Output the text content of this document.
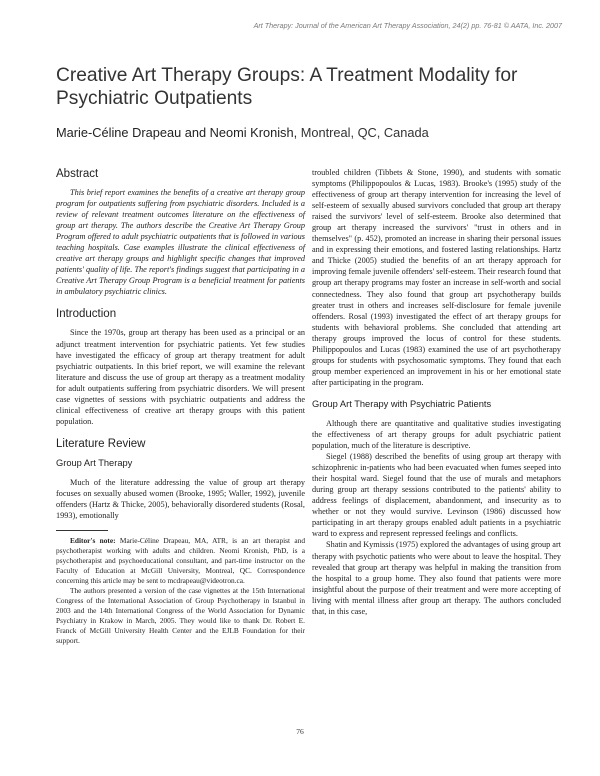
Art Therapy: Journal of the American Art Therapy Association, 24(2) pp. 76-81 © AATA, Inc. 2007
Creative Art Therapy Groups: A Treatment Modality for Psychiatric Outpatients
Marie-Céline Drapeau and Neomi Kronish, Montreal, QC, Canada
Abstract

This brief report examines the benefits of a creative art therapy group program for outpatients suffering from psychiatric disorders. Included is a review of relevant treatment outcomes literature on the effectiveness of group art therapy. The authors describe the Creative Art Therapy Group Program offered to adult psychiatric outpatients that is followed in various teaching hospitals. Case examples illustrate the clinical effectiveness of creative art therapy groups and highlight specific changes that improved patients' quality of life. The report's findings suggest that participating in a Creative Art Therapy Group Program is a beneficial treatment for patients in ambulatory psychiatric clinics.

Introduction

Since the 1970s, group art therapy has been used as a principal or an adjunct treatment intervention for psychiatric patients. Yet few studies have investigated the efficacy of group art therapy treatment for adult psychiatric outpatients. In this brief report, we will examine the relevant literature and discuss the use of group art therapy as a treatment modality for adult outpatients suffering from psychiatric disorders. We will present case vignettes of sessions with psychiatric outpatients and address the clinical effectiveness of creative art therapy groups with this patient population.

Literature Review
Group Art Therapy

Much of the literature addressing the value of group art therapy focuses on sexually abused women (Brooke, 1995; Waller, 1992), juvenile offenders (Hartz & Thicke, 2005), behaviorally disordered students (Rosal, 1993), emotionally

Editor's note: Marie-Céline Drapeau, MA, ATR, is an art therapist and psychotherapist working with adults and children. Neomi Kronish, PhD, is a psychotherapist and psychoeducational consultant, and part-time instructor on the Faculty of Education at McGill University, Montreal, QC. Correspondence concerning this article may be sent to mcdrapeau@videotron.ca.

The authors presented a version of the case vignettes at the 15th International Congress of the International Association of Group Psychotherapy in Istanbul in 2003 and the 14th International Congress of the World Association for Dynamic Psychiatry in Krakow in March, 2005. They would like to thank Dr. Robert E. Franck of McGill University Health Center and the EJLB Foundation for their support.

troubled children (Tibbets & Stone, 1990), and students with somatic symptoms (Philippopoulos & Lucas, 1983). Brooke's (1995) study of the effectiveness of group art therapy intervention for increasing the level of self-esteem of sexually abused survivors concluded that group art therapy raised the survivors' level of self-esteem. Brooke also determined that group art therapy increased the survivors' "trust in others and in themselves" (p. 452), promoted an increase in sharing their personal issues and in expressing their emotions, and fostered lasting relationships. Hartz and Thicke (2005) studied the benefits of an art therapy approach for improving female juvenile offenders' self-esteem. Their research found that group art therapy programs may foster an increase in self-worth and social connectedness. They also found that group art psychotherapy builds greater trust in others and increases self-disclosure for female juvenile offenders. Rosal (1993) investigated the effect of art therapy groups for students with behavioral problems. She concluded that attending art therapy groups improved the locus of control for these students. Philippopoulos and Lucas (1983) examined the use of art psychotherapy groups for students with psychosomatic symptoms. They found that each group member experienced an improvement in his or her emotional state after participating in the program.

Group Art Therapy with Psychiatric Patients

Although there are quantitative and qualitative studies investigating the effectiveness of art therapy groups for adult psychiatric patient population, much of the literature is descriptive.

Siegel (1988) described the benefits of using group art therapy with schizophrenic in-patients who had been evacuated when fumes seeped into their hospital ward. Siegel found that the use of murals and metaphors during group art therapy sessions contributed to the patients' ability to address feelings of displacement, abandonment, and insecurity as to whether or not they would survive. Levinson (1986) discussed how participating in art therapy groups enabled adult patients in a psychiatric ward to express and represent repressed feelings and conflicts.

Shatin and Kymissis (1975) explored the advantages of using group art therapy with psychotic patients who were about to leave the hospital. They revealed that group art therapy was helpful in making the transition from the hospital to a group home. They also found that patients were more insightful about the purpose of their treatment and were more accepting of living with mental illness after group art therapy. The authors concluded that, in this case,

76
